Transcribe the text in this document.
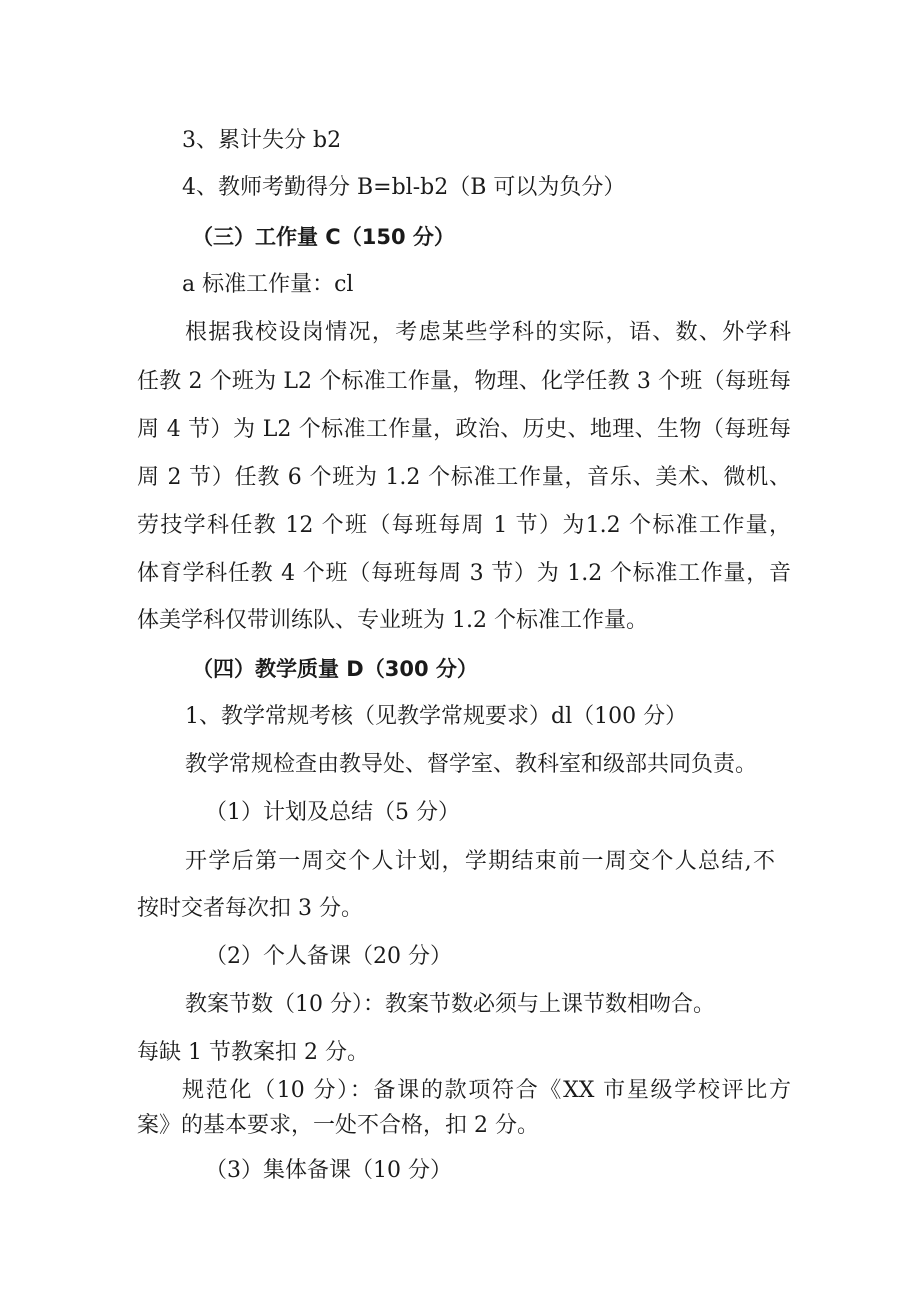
3、累计失分 b2
4、教师考勤得分 B=bl-b2（B 可以为负分）
（三）工作量 C（150 分）
a 标准工作量：cl
根据我校设岗情况，考虑某些学科的实际，语、数、外学科
任教 2 个班为 L2 个标准工作量，物理、化学任教 3 个班（每班每
周 4 节）为 L2 个标准工作量，政治、历史、地理、生物（每班每
周 2 节）任教 6 个班为 1.2 个标准工作量，音乐、美术、微机、
劳技学科任教 12 个班（每班每周 1 节）为1.2 个标准工作量，
体育学科任教 4 个班（每班每周 3 节）为 1.2 个标准工作量，音
体美学科仅带训练队、专业班为 1.2 个标准工作量。
（四）教学质量 D（300 分）
1、教学常规考核（见教学常规要求）dl（100 分）
教学常规检查由教导处、督学室、教科室和级部共同负责。
（1）计划及总结（5 分）
开学后第一周交个人计划，学期结束前一周交个人总结,不
按时交者每次扣 3 分。
（2）个人备课（20 分）
教案节数（10 分）：教案节数必须与上课节数相吻合。
每缺 1 节教案扣 2 分。
规范化（10 分）：备课的款项符合《XX 市星级学校评比方
案》的基本要求，一处不合格，扣 2 分。
（3）集体备课（10 分）
